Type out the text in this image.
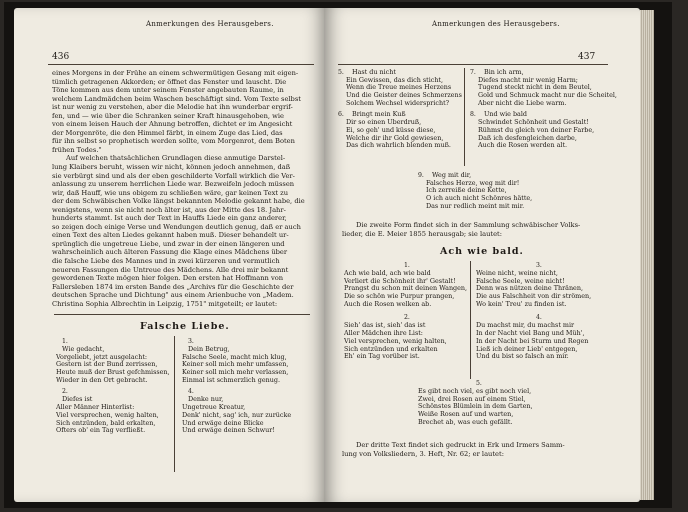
Anmerkungen des Herausgebers.
436
eines Morgens in der Frühe an einem schwermütigen Gesang mit eigen-
tümlich getragenen Akkorden; er öffnet das Fenster und lauscht. Die
Töne kommen aus dem unter seinem Fenster angebauten Raume, in
welchem Landmädchen beim Waschen beschäftigt sind. Vom Texte selbst
ist nur wenig zu verstehen, aber die Melodie hat ihn wunderbar ergrif-
fen, und — wie über die Schranken seiner Kraft hinausgehoben, wie
von einem leisen Hauch der Ahnung betroffen, dichtet er im Angesicht
der Morgenröte, die den Himmel färbt, in einem Zuge das Lied, das
für ihn selbst so prophetisch werden sollte, vom Morgenrot, dem Boten
frühen Todes."
Auf welchen thatsächlichen Grundlagen diese anmutige Darstel-
lung Klaibers beruht, wissen wir nicht, können jedoch annehmen, daß
sie verbürgt sind und als der eben geschilderte Vorfall wirklich die Ver-
anlassung zu unserem herrlichen Liede war. Bezweifeln jedoch müssen
wir, daß Hauff, wie uns obigem zu schließen wäre, gar keinen Text zu
der dem Schwäbischen Volke längst bekannten Melodie gekannt habe, die
wenigstens, wenn sie nicht noch älter ist, aus der Mitte des 18. Jahr-
hunderts stammt. Ist auch der Text in Hauffs Liede ein ganz anderer,
so zeigen doch einige Verse und Wendungen deutlich genug, daß er auch
einen Text des alten Liedes gekannt haben muß. Dieser behandelt ur-
sprünglich die ungetreue Liebe, und zwar in der einen längeren und
wahrscheinlich auch älteren Fassung die Klage eines Mädchens über
die falsche Liebe des Mannes und in zwei kürzeren und vermutlich
neueren Fassungen die Untreue des Mädchens. Alle drei mir bekannt
gewordenen Texte mögen hier folgen. Den ersten hat Hoffmann von
Fallersleben 1874 im ersten Bande des „Archivs für die Geschichte der
deutschen Sprache und Dichtung" aus einem Arienbuche von „Madem.
Christina Sophia Albrechtin in Leipzig, 1751" mitgeteilt; er lautet:
Falsche Liebe.
1.
Wie gedacht,
Vorgeliebt, jetzt ausgelacht:
Gestern ist der Bund zerrissen,
Heute muß der Brust gefchmissen,
Wieder in den Ort gebracht.
2.
Diefes ist
Aller Männer Hinterlist:
Viel versprechen, wenig halten,
Sich entzünden, bald erkalten,
Öfters ob' ein Tag verfließt.
3.
Dein Betrug,
Falsche Seele, macht mich klug,
Keiner soll mich mehr umfassen,
Keiner soll mich mehr verlassen,
Einmal ist schmerzlich genug.
4.
Denke nur,
Ungetreue Kreatur,
Denk' nicht, sag' ich, nur zurücke
Und erwäge deine Blicke
Und erwäge deinen Schwur!
Anmerkungen des Herausgebers.
437
5.	Hast du nicht
Ein Gewissen, das dich sticht,
Wenn die Treue meines Herzens
Und die Geister deines Schmerzens
Solchem Wechsel widerspricht?
6.	Bringt mein Kuß
Dir so einen Überdruß,
Ei, so geh' und küsse diese,
Welche dir ihr Gold gewiesen,
Das dich wahrlich blenden muß.
7.	Bin ich arm,
Diefes macht mir wenig Harm;
Tugend steckt nicht in dem Beutel,
Gold und Schmuck macht nur die Scheitel,
Aber nicht die Liebe warm.
8.	Und wie bald
Schwindet Schönheit und Gestalt!
Rühmst du gleich von deiner Farbe,
Daß ich desfengleichen darbe,
Auch die Rosen werden alt.
9.	Weg mit dir,
Falsches Herze, weg mit dir!
Ich zerreiße deine Kette,
O ich auch nicht Schönres hätte,
Das nur redlich meint mit mir.
Die zweite Form findet sich in der Sammlung schwäbischer Volks-
lieder, die E. Meier 1855 herausgab; sie lautet:
Ach wie bald.
1.
Ach wie bald, ach wie bald
Verliert die Schönheit ihr' Gestalt!
Prangst du schon mit deinen Wangen,
Die so schön wie Purpur prangen,
Auch die Rosen welken ab.
2.
Sieh' das ist, sieh' das ist
Aller Mädchen ihre List:
Viel versprechen, wenig halten,
Sich entzünden und erkalten
Eh' ein Tag vorüber ist.
3.
Weine nicht, weine nicht,
Falsche Seele, weine nicht!
Denn was nützen deine Thränen,
Die aus Falschheit von dir strömen,
Wo kein' Treu' zu finden ist.
4.
Du machst mir, du machst mir
In der Nacht viel Bang und Müh',
In der Nacht bei Sturm und Regen
Ließ ich deiner Lieb' entgegen,
Und du bist so falsch an mir.
5.
Es gibt noch viel, es gibt noch viel,
Zwei, drei Rosen auf einem Stiel,
Schönstes Blümlein in dem Garten,
Weiße Rosen auf und warten,
Brechet ab, was euch gefällt.
Der dritte Text findet sich gedruckt in Erk und Irmers Samm-
lung von Volksliedern, 3. Heft, Nr. 62; er lautet:
